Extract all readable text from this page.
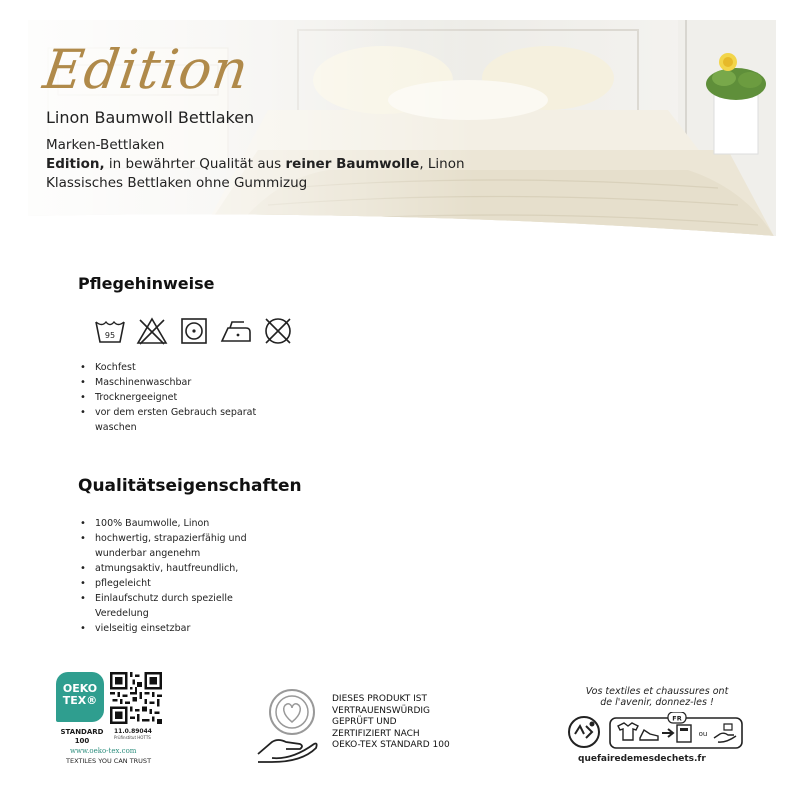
Edition
Linon Baumwoll Bettlaken
Marken-Bettlaken
Edition, in bewährter Qualität aus reiner Baumwolle, Linon
Klassisches Bettlaken ohne Gummizug
Pflegehinweise
95
• Kochfest
• Maschinenwaschbar
• Trocknergeeignet
• vor dem ersten Gebrauch separat waschen
Qualitätseigenschaften
• 100% Baumwolle, Linon
• hochwertig, strapazierfähig und wunderbar angenehm
• atmungsaktiv, hautfreundlich,
• pflegeleicht
• Einlaufschutz durch spezielle Veredelung
• vielseitig einsetzbar
OEKO
TEX®
STANDARD 100
11.0.89044
Prüfinstitut HOTTS
www.oeko-tex.com
TEXTILES YOU CAN TRUST
DIESES PRODUKT IST
VERTRAUENSWÜRDIG
GEPRÜFT UND
ZERTIFIZIERT NACH
OEKO-TEX STANDARD 100
Vos textiles et chaussures ont
de l'avenir, donnez-les !
FR
ou
quefairedemesdechets.fr
